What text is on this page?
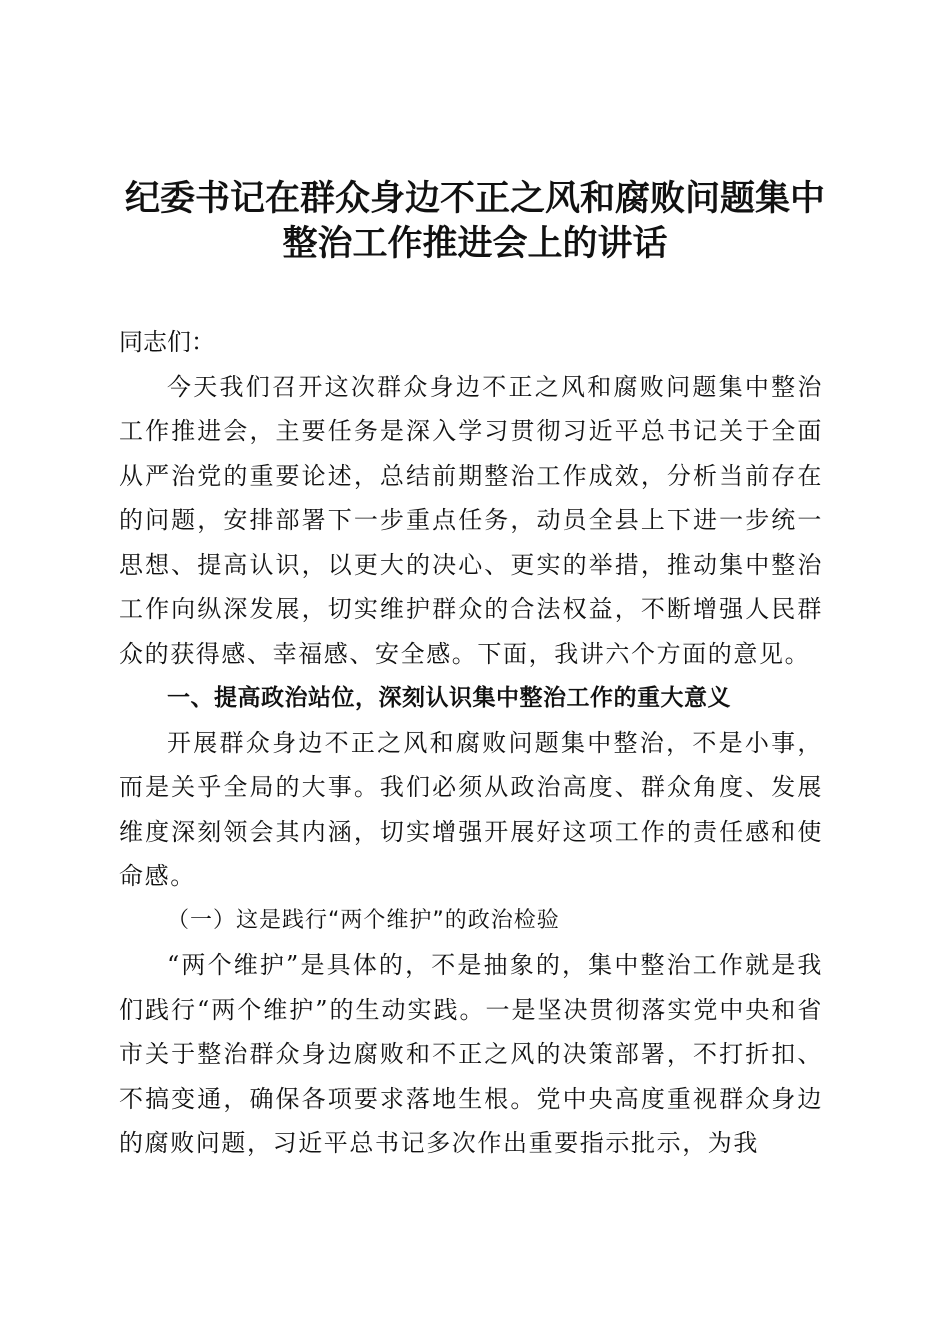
纪委书记在群众身边不正之风和腐败问题集中
整治工作推进会上的讲话

同志们：

今天我们召开这次群众身边不正之风和腐败问题集中整治工作推进会，主要任务是深入学习贯彻习近平总书记关于全面从严治党的重要论述，总结前期整治工作成效，分析当前存在的问题，安排部署下一步重点任务，动员全县上下进一步统一思想、提高认识，以更大的决心、更实的举措，推动集中整治工作向纵深发展，切实维护群众的合法权益，不断增强人民群众的获得感、幸福感、安全感。下面，我讲六个方面的意见。

一、提高政治站位，深刻认识集中整治工作的重大意义

开展群众身边不正之风和腐败问题集中整治，不是小事，而是关乎全局的大事。我们必须从政治高度、群众角度、发展维度深刻领会其内涵，切实增强开展好这项工作的责任感和使命感。

（一）这是践行“两个维护”的政治检验

“两个维护”是具体的，不是抽象的，集中整治工作就是我们践行“两个维护”的生动实践。一是坚决贯彻落实党中央和省市关于整治群众身边腐败和不正之风的决策部署，不打折扣、不搞变通，确保各项要求落地生根。党中央高度重视群众身边的腐败问题，习近平总书记多次作出重要指示批示，为我
